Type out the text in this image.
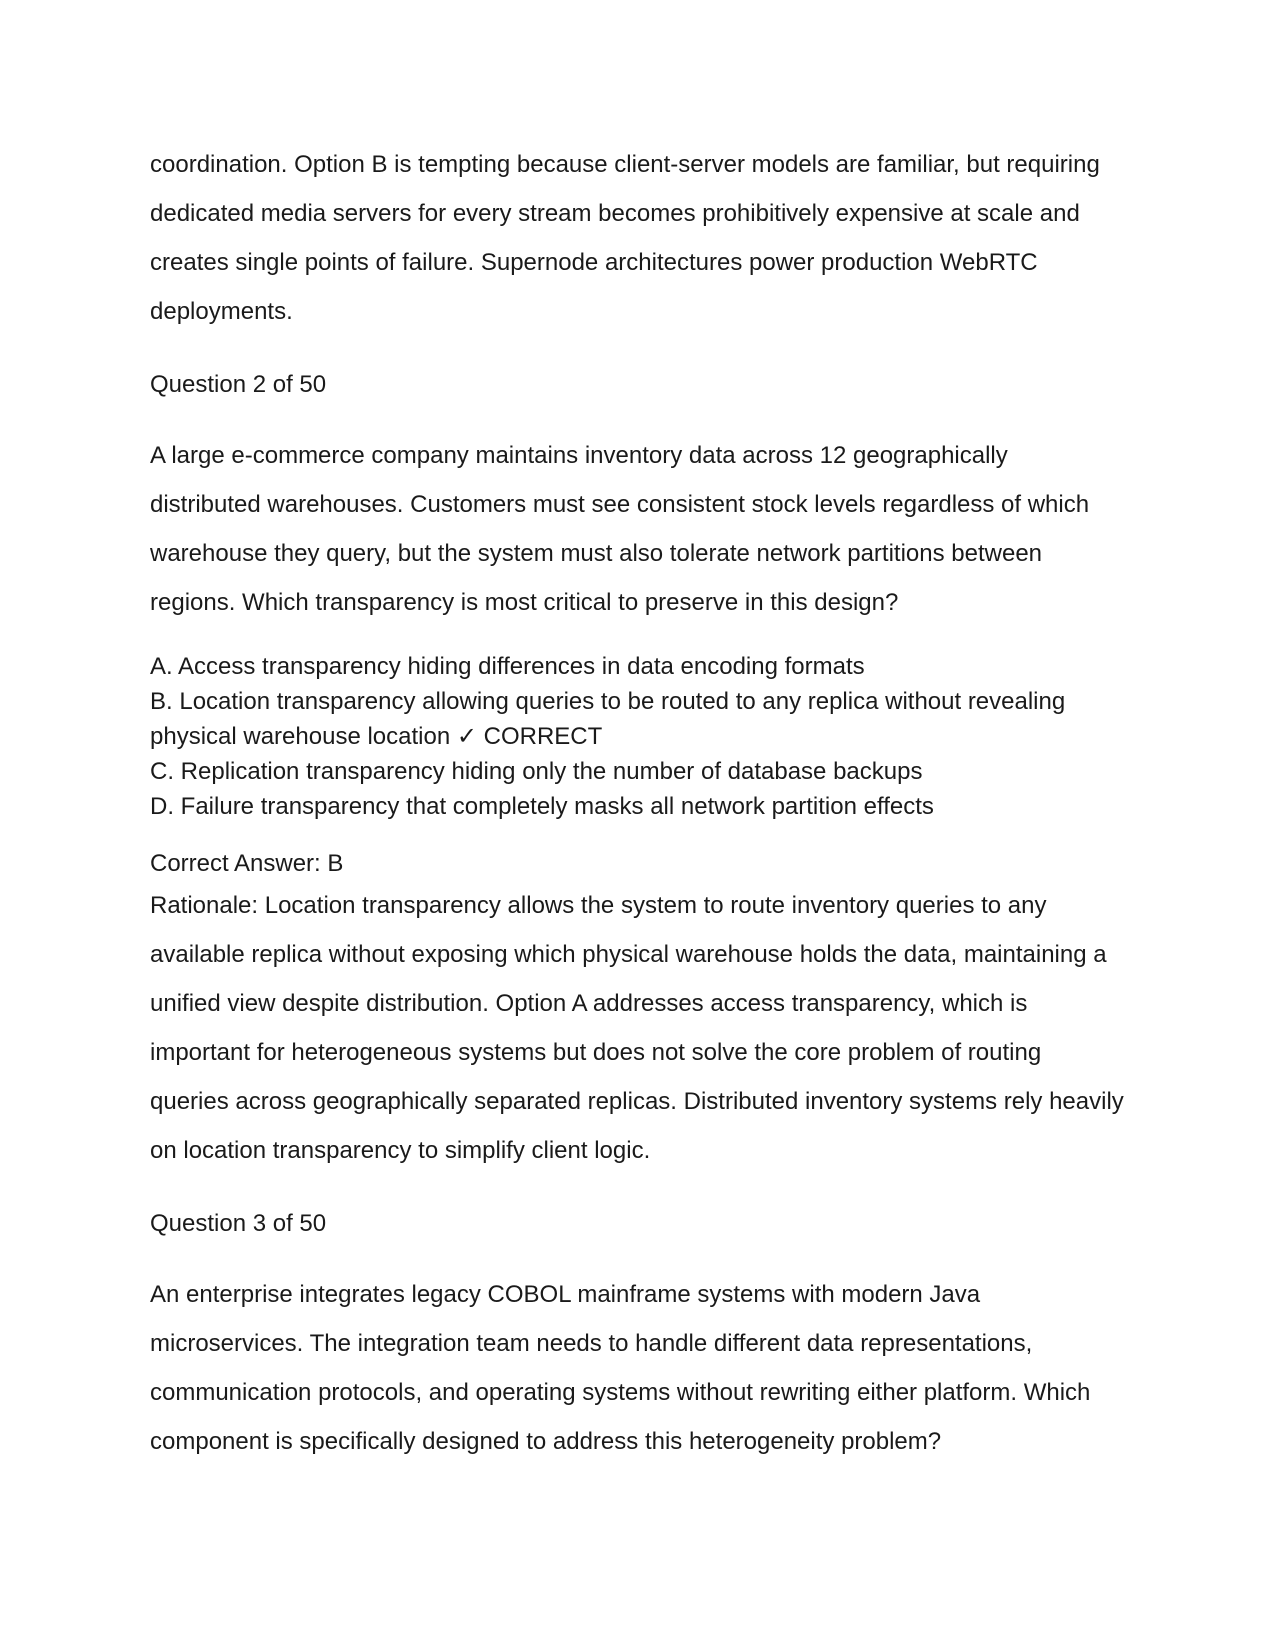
coordination. Option B is tempting because client-server models are familiar, but requiring dedicated media servers for every stream becomes prohibitively expensive at scale and creates single points of failure. Supernode architectures power production WebRTC deployments.

Question 2 of 50

A large e-commerce company maintains inventory data across 12 geographically distributed warehouses. Customers must see consistent stock levels regardless of which warehouse they query, but the system must also tolerate network partitions between regions. Which transparency is most critical to preserve in this design?

A. Access transparency hiding differences in data encoding formats
B. Location transparency allowing queries to be routed to any replica without revealing physical warehouse location ✓ CORRECT
C. Replication transparency hiding only the number of database backups
D. Failure transparency that completely masks all network partition effects

Correct Answer: B

Rationale: Location transparency allows the system to route inventory queries to any available replica without exposing which physical warehouse holds the data, maintaining a unified view despite distribution. Option A addresses access transparency, which is important for heterogeneous systems but does not solve the core problem of routing queries across geographically separated replicas. Distributed inventory systems rely heavily on location transparency to simplify client logic.

Question 3 of 50

An enterprise integrates legacy COBOL mainframe systems with modern Java microservices. The integration team needs to handle different data representations, communication protocols, and operating systems without rewriting either platform. Which component is specifically designed to address this heterogeneity problem?
